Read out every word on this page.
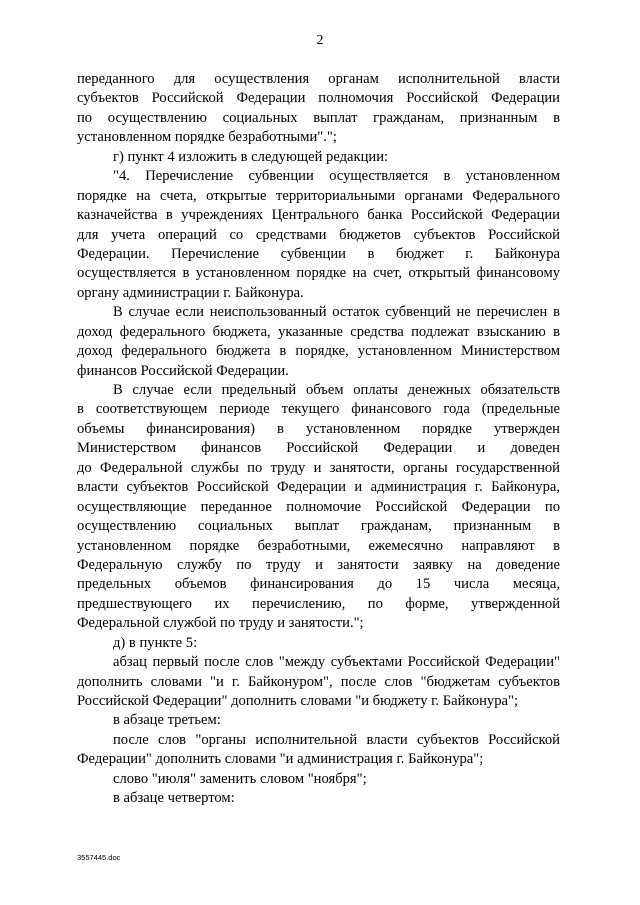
2
переданного для осуществления органам исполнительной власти
субъектов Российской Федерации полномочия Российской Федерации
по осуществлению социальных выплат гражданам, признанным в
установленном порядке безработными".";
г) пункт 4 изложить в следующей редакции:
"4. Перечисление субвенции осуществляется в установленном
порядке на счета, открытые территориальными органами Федерального
казначейства в учреждениях Центрального банка Российской Федерации
для учета операций со средствами бюджетов субъектов Российской
Федерации. Перечисление субвенции в бюджет г. Байконура
осуществляется в установленном порядке на счет, открытый финансовому
органу администрации г. Байконура.
В случае если неиспользованный остаток субвенций не перечислен в
доход федерального бюджета, указанные средства подлежат взысканию в
доход федерального бюджета в порядке, установленном Министерством
финансов Российской Федерации.
В случае если предельный объем оплаты денежных обязательств
в соответствующем периоде текущего финансового года (предельные
объемы финансирования) в установленном порядке утвержден
Министерством финансов Российской Федерации и доведен
до Федеральной службы по труду и занятости, органы государственной
власти субъектов Российской Федерации и администрация г. Байконура,
осуществляющие переданное полномочие Российской Федерации по
осуществлению социальных выплат гражданам, признанным в
установленном порядке безработными, ежемесячно направляют в
Федеральную службу по труду и занятости заявку на доведение
предельных объемов финансирования до 15 числа месяца,
предшествующего их перечислению, по форме, утвержденной
Федеральной службой по труду и занятости.";
д) в пункте 5:
абзац первый после слов "между субъектами Российской Федерации"
дополнить словами "и г. Байконуром", после слов "бюджетам субъектов
Российской Федерации" дополнить словами "и бюджету г. Байконура";
в абзаце третьем:
после слов "органы исполнительной власти субъектов Российской
Федерации" дополнить словами "и администрация г. Байконура";
слово "июля" заменить словом "ноября";
в абзаце четвертом:
3557445.doc
